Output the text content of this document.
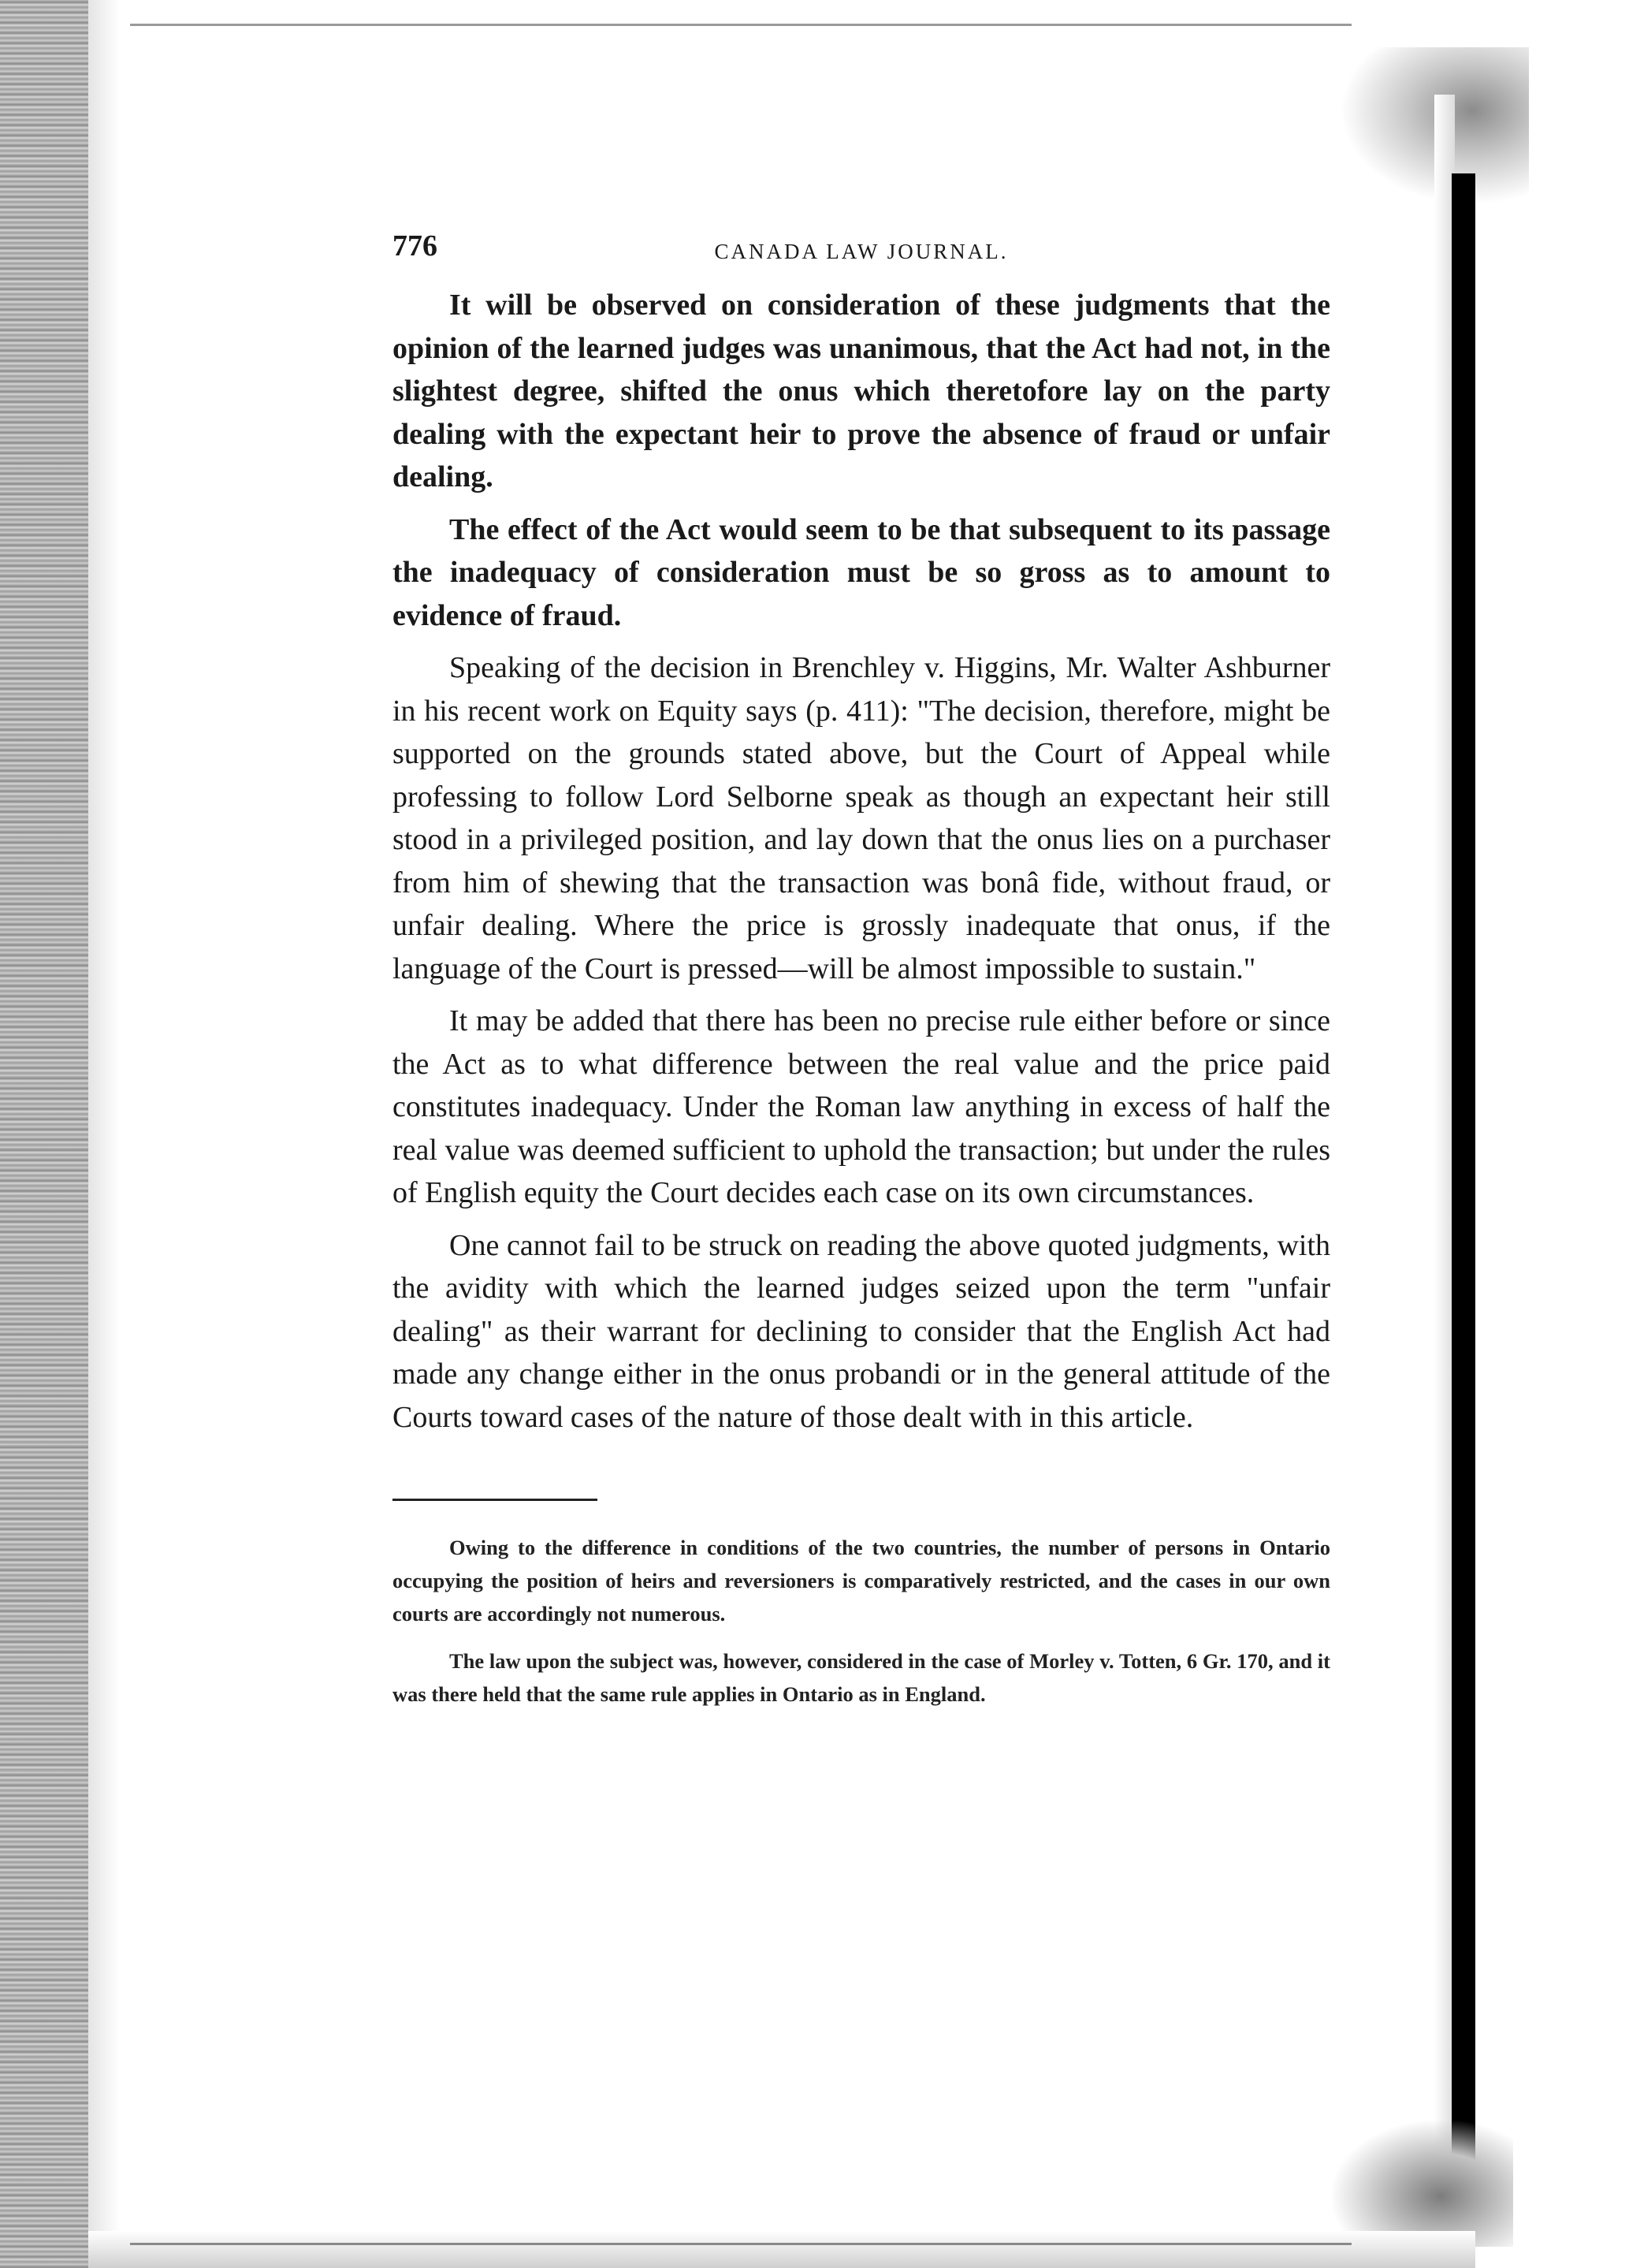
776	CANADA LAW JOURNAL.

It will be observed on consideration of these judgments that the opinion of the learned judges was unanimous, that the Act had not, in the slightest degree, shifted the onus which theretofore lay on the party dealing with the expectant heir to prove the absence of fraud or unfair dealing.

The effect of the Act would seem to be that subsequent to its passage the inadequacy of consideration must be so gross as to amount to evidence of fraud.

Speaking of the decision in Brenchley v. Higgins, Mr. Walter Ashburner in his recent work on Equity says (p. 411): "The decision, therefore, might be supported on the grounds stated above, but the Court of Appeal while professing to follow Lord Selborne speak as though an expectant heir still stood in a privileged position, and lay down that the onus lies on a purchaser from him of shewing that the transaction was bonâ fide, without fraud, or unfair dealing. Where the price is grossly inadequate that onus, if the language of the Court is pressed—will be almost impossible to sustain."

It may be added that there has been no precise rule either before or since the Act as to what difference between the real value and the price paid constitutes inadequacy. Under the Roman law anything in excess of half the real value was deemed sufficient to uphold the transaction; but under the rules of English equity the Court decides each case on its own circumstances.

One cannot fail to be struck on reading the above quoted judgments, with the avidity with which the learned judges seized upon the term "unfair dealing" as their warrant for declining to consider that the English Act had made any change either in the onus probandi or in the general attitude of the Courts toward cases of the nature of those dealt with in this article.

Owing to the difference in conditions of the two countries, the number of persons in Ontario occupying the position of heirs and reversioners is comparatively restricted, and the cases in our own courts are accordingly not numerous.

The law upon the subject was, however, considered in the case of Morley v. Totten, 6 Gr. 170, and it was there held that the same rule applies in Ontario as in England.
